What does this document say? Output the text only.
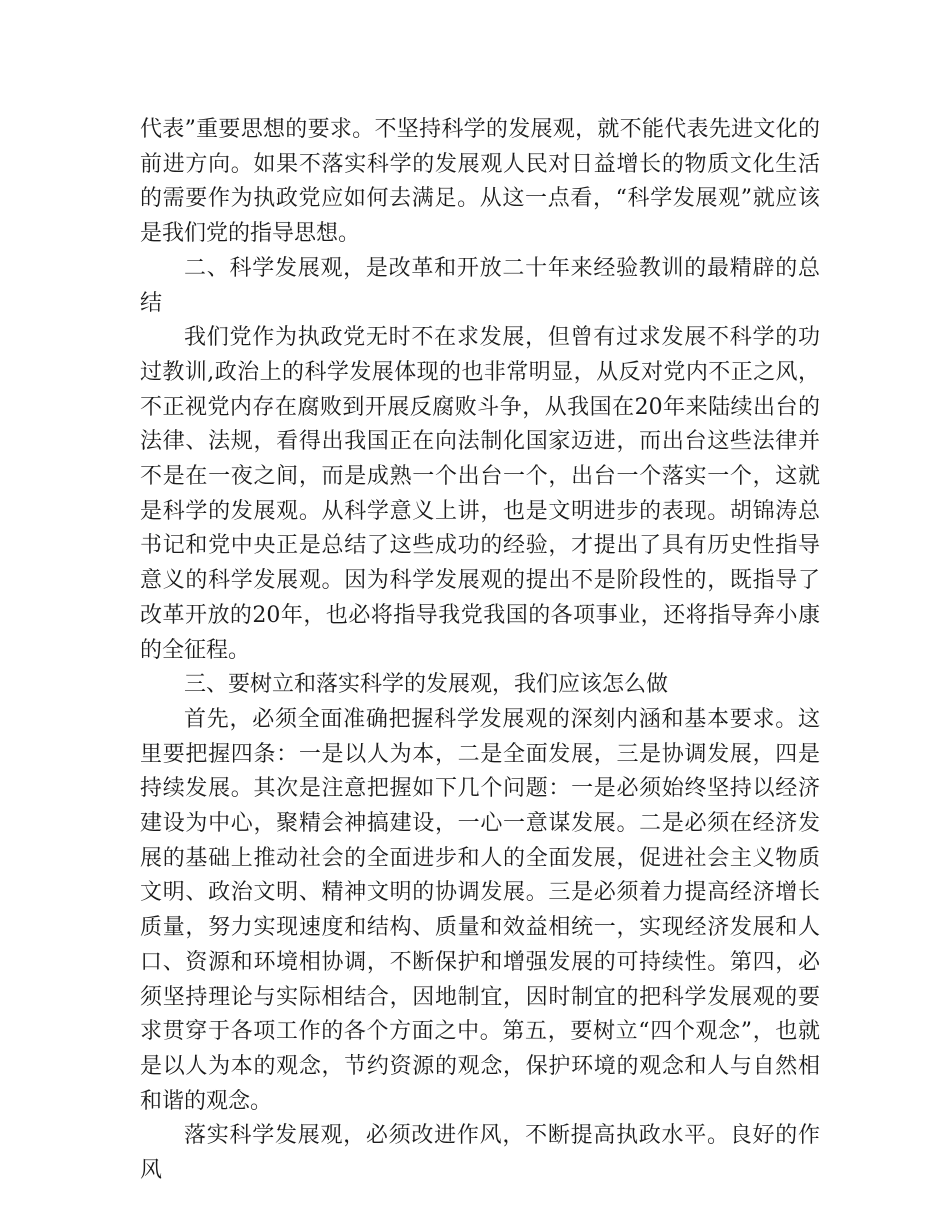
代表”重要思想的要求。不坚持科学的发展观，就不能代表先进文化的前进方向。如果不落实科学的发展观人民对日益增长的物质文化生活的需要作为执政党应如何去满足。从这一点看，“科学发展观”就应该是我们党的指导思想。

二、科学发展观，是改革和开放二十年来经验教训的最精辟的总结

我们党作为执政党无时不在求发展，但曾有过求发展不科学的功过教训,政治上的科学发展体现的也非常明显，从反对党内不正之风，不正视党内存在腐败到开展反腐败斗争，从我国在20年来陆续出台的法律、法规，看得出我国正在向法制化国家迈进，而出台这些法律并不是在一夜之间，而是成熟一个出台一个，出台一个落实一个，这就是科学的发展观。从科学意义上讲，也是文明进步的表现。胡锦涛总书记和党中央正是总结了这些成功的经验，才提出了具有历史性指导意义的科学发展观。因为科学发展观的提出不是阶段性的，既指导了改革开放的20年，也必将指导我党我国的各项事业，还将指导奔小康的全征程。

三、要树立和落实科学的发展观，我们应该怎么做

首先，必须全面准确把握科学发展观的深刻内涵和基本要求。这里要把握四条：一是以人为本，二是全面发展，三是协调发展，四是持续发展。其次是注意把握如下几个问题：一是必须始终坚持以经济建设为中心，聚精会神搞建设，一心一意谋发展。二是必须在经济发展的基础上推动社会的全面进步和人的全面发展，促进社会主义物质文明、政治文明、精神文明的协调发展。三是必须着力提高经济增长质量，努力实现速度和结构、质量和效益相统一，实现经济发展和人口、资源和环境相协调，不断保护和增强发展的可持续性。第四，必须坚持理论与实际相结合，因地制宜，因时制宜的把科学发展观的要求贯穿于各项工作的各个方面之中。第五，要树立“四个观念”，也就是以人为本的观念，节约资源的观念，保护环境的观念和人与自然相和谐的观念。

落实科学发展观，必须改进作风，不断提高执政水平。良好的作风
